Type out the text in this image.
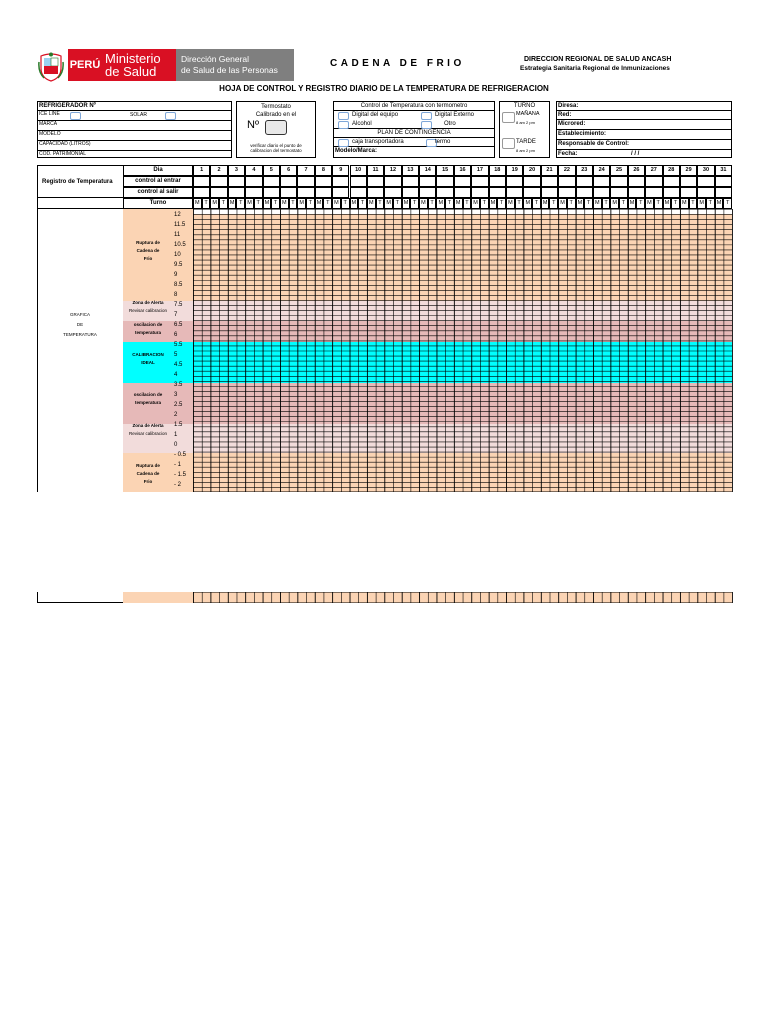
PERÚ Ministerio
de Salud
Dirección General
de Salud de las Personas
CADENA DE FRIO	DIRECCION REGIONAL DE SALUD ANCASH
Estrategia Sanitaria Regional de Inmunizaciones
HOJA DE CONTROL Y REGISTRO DIARIO DE LA TEMPERATURA DE REFRIGERACION
REFRIGERADOR Nº
ICE LINE	SOLAR
MARCA
MODELO
CAPACIDAD (LITROS)
COD. PATRIMONIAL
Termostato
Calibrado en el
Nº
verificar diario el punto de
calibracion del termostato
Control de Temperatura con termometro
Digital del equipo	Digital Externo
Alcohol	Otro
PLAN DE CONTINGENCIA
caja transportadora	termo
Modelo/Marca:
TURNO
MAÑANA
8 am 2 pm
TARDE
8 am 2 pm
Diresa:
Red:
Microred:
Establecimiento:
Responsable de Control:
Fecha:	/ / /
Registro de Temperatura
Dia
control al entrar
control al salir
Turno
1	2	3	4	5	6	7	8	9	10	11	12	13	14	15	16	17	18	19	20	21	22	23	24	25	26	27	28	29	30	31
M T M T M T M T M T M T M T M T M T M T M T M T M T M T M T M T M T M T M T M T M T M T M T M T M T M T M T M T M T M T M T
GRAFICA
DE
TEMPERATURA
Ruptura de
Cadena de
Frio
Zona de Alerta
Revisar calibracion
oscilacion de
temperatura
CALIBRACION
IDEAL
oscilacion de
temperatura
Zona de Alerta
Revisar calibracion
Ruptura de
Cadena de
Frio
12
11.5
11
10.5
10
9.5
9
8.5
8
7.5
7
6.5
6
5.5
5
4.5
4
3.5
3
2.5
2
1.5
1
0
- 0.5
- 1
- 1.5
- 2
